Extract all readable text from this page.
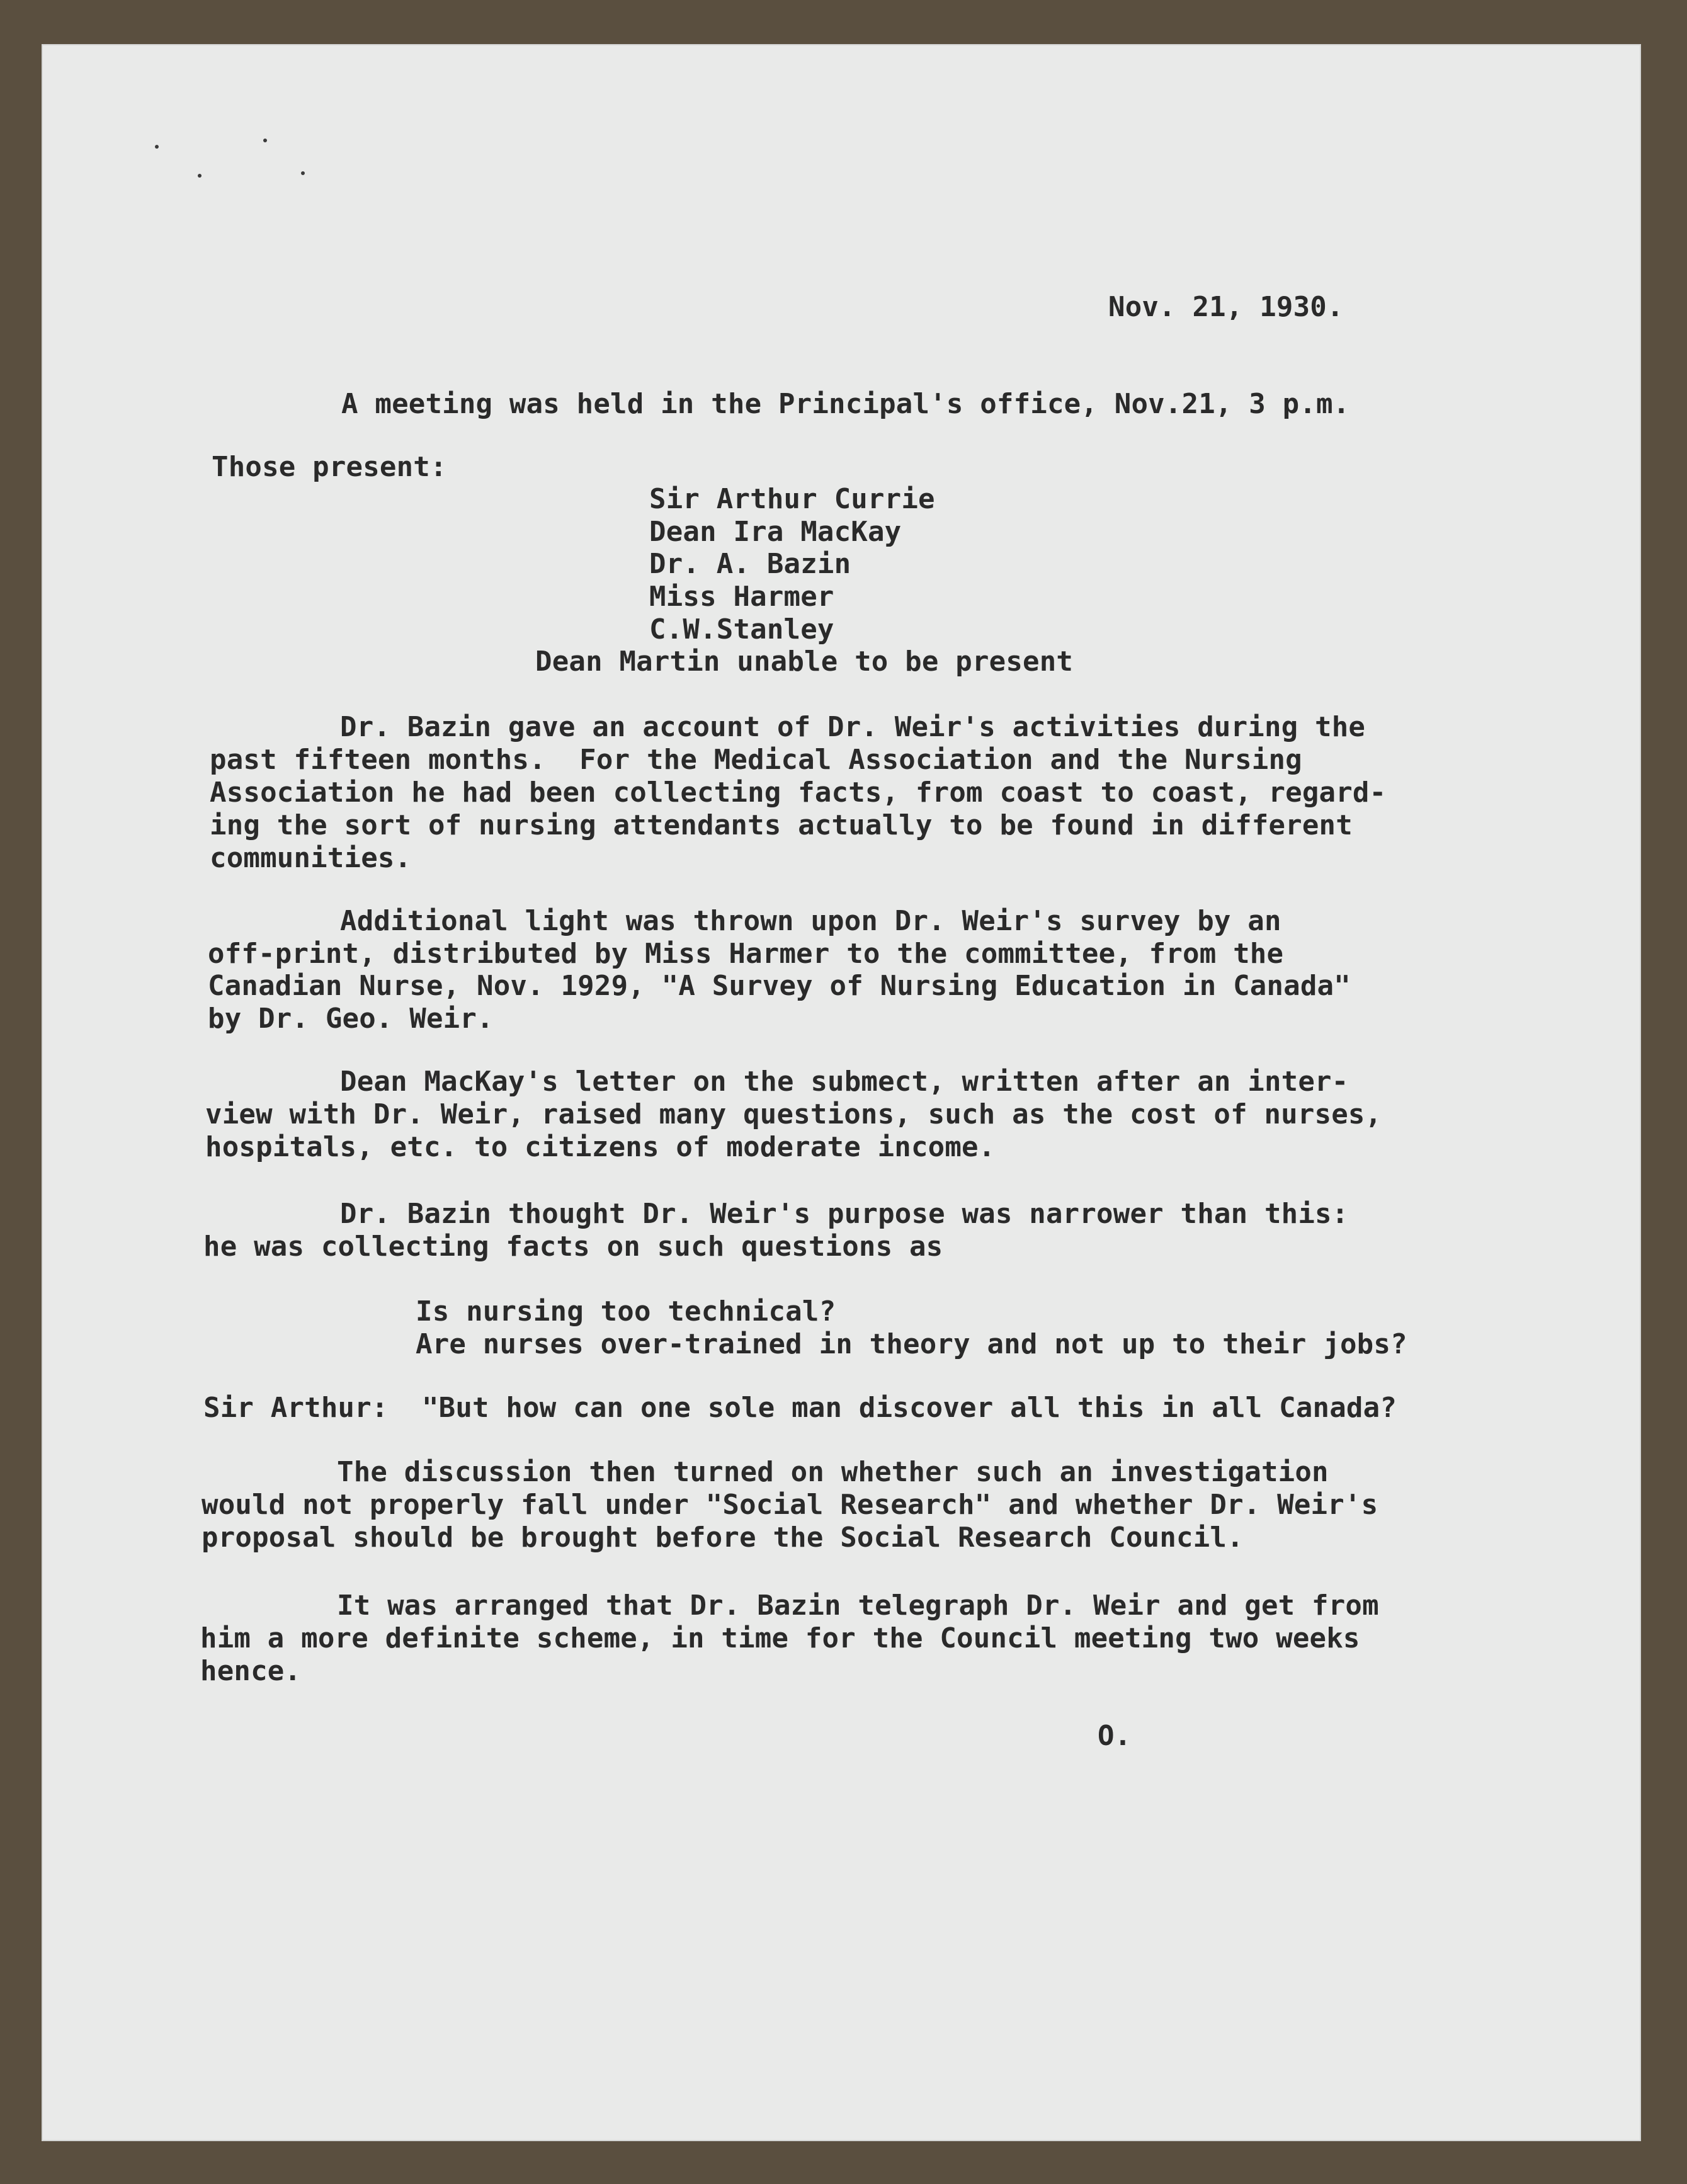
Nov. 21, 1930.

A meeting was held in the Principal's office, Nov.21, 3 p.m.

Those present:

Sir Arthur Currie

Dean Ira MacKay

Dr. A. Bazin

Miss Harmer

C.W.Stanley

Dean Martin unable to be present

Dr. Bazin gave an account of Dr. Weir's activities during the

past fifteen months.  For the Medical Association and the Nursing

Association he had been collecting facts, from coast to coast, regard-

ing the sort of nursing attendants actually to be found in different

communities.

Additional light was thrown upon Dr. Weir's survey by an

off-print, distributed by Miss Harmer to the committee, from the

Canadian Nurse, Nov. 1929, "A Survey of Nursing Education in Canada"

by Dr. Geo. Weir.

Dean MacKay's letter on the submect, written after an inter-

view with Dr. Weir, raised many questions, such as the cost of nurses,

hospitals, etc. to citizens of moderate income.

Dr. Bazin thought Dr. Weir's purpose was narrower than this:

he was collecting facts on such questions as

Is nursing too technical?

Are nurses over-trained in theory and not up to their jobs?

Sir Arthur:  "But how can one sole man discover all this in all Canada?

The discussion then turned on whether such an investigation

would not properly fall under "Social Research" and whether Dr. Weir's

proposal should be brought before the Social Research Council.

It was arranged that Dr. Bazin telegraph Dr. Weir and get from

him a more definite scheme, in time for the Council meeting two weeks

hence.

O.
